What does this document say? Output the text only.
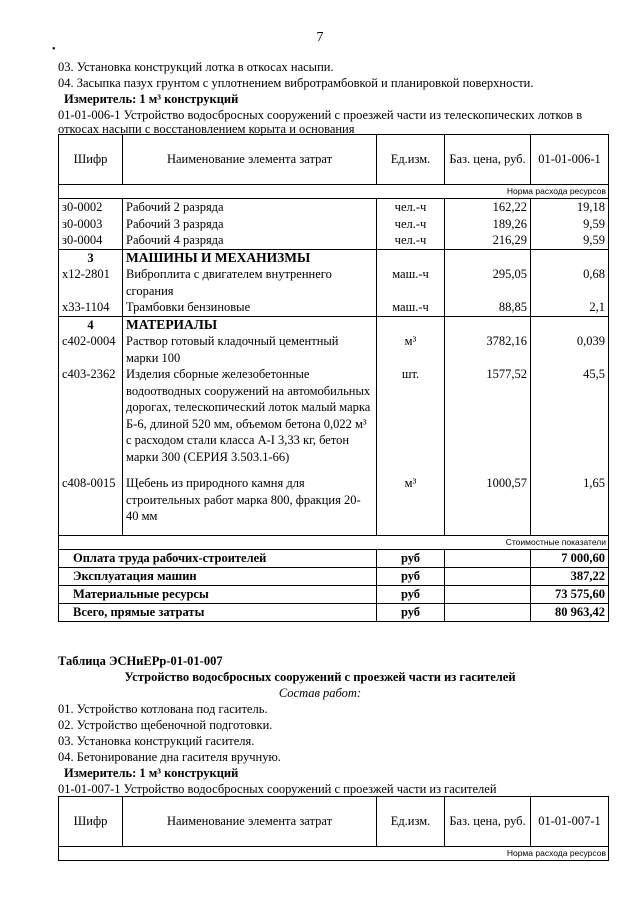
7
•
03. Установка конструкций лотка в откосах насыпи.
04. Засыпка пазух грунтом с уплотнением вибротрамбовкой и планировкой поверхности.
Измеритель: 1 м³ конструкций
01-01-006-1 Устройство водосбросных сооружений с проезжей части из телескопических лотков в
откосах насыпи с восстановлением корыта и основания
Шифр	Наименование элемента затрат	Ед.изм.	Баз. цена, руб.	01-01-006-1
Норма расхода ресурсов				
з0-0002	Рабочий 2 разряда	чел.-ч	162,22	19,18
з0-0003	Рабочий 3 разряда	чел.-ч	189,26	9,59
з0-0004	Рабочий 4 разряда	чел.-ч	216,29	9,59
3	МАШИНЫ И МЕХАНИЗМЫ			
х12-2801	Виброплита с двигателем внутреннего сгорания	маш.-ч	295,05	0,68
х33-1104	Трамбовки бензиновые	маш.-ч	88,85	2,1
4	МАТЕРИАЛЫ			
с402-0004	Раствор готовый кладочный цементный марки 100	м³	3782,16	0,039
с403-2362	Изделия сборные железобетонные водоотводных сооружений на автомобильных дорогах, телескопический лоток малый марка Б-6, длиной 520 мм, объемом бетона 0,022 м³ с расходом стали класса А-I 3,33 кг, бетон марки 300 (СЕРИЯ 3.503.1-66)	шт.	1577,52	45,5

с408-0015	Щебень из природного камня для строительных работ марка 800, фракция 20-40 мм	м³	1000,57	1,65

Стоимостные показатели				
Оплата труда рабочих-строителей		руб		7 000,60
Эксплуатация машин		руб		387,22
Материальные ресурсы		руб		73 575,60
Всего, прямые затраты		руб		80 963,42
Таблица ЭСНиЕРр-01-01-007
Устройство водосбросных сооружений с проезжей части из гасителей
Состав работ:
01. Устройство котлована под гаситель.
02. Устройство щебеночной подготовки.
03. Установка конструкций гасителя.
04. Бетонирование дна гасителя вручную.
Измеритель: 1 м³ конструкций
01-01-007-1 Устройство водосбросных сооружений с проезжей части из гасителей
Шифр	Наименование элемента затрат	Ед.изм.	Баз. цена, руб.	01-01-007-1
Норма расхода ресурсов
